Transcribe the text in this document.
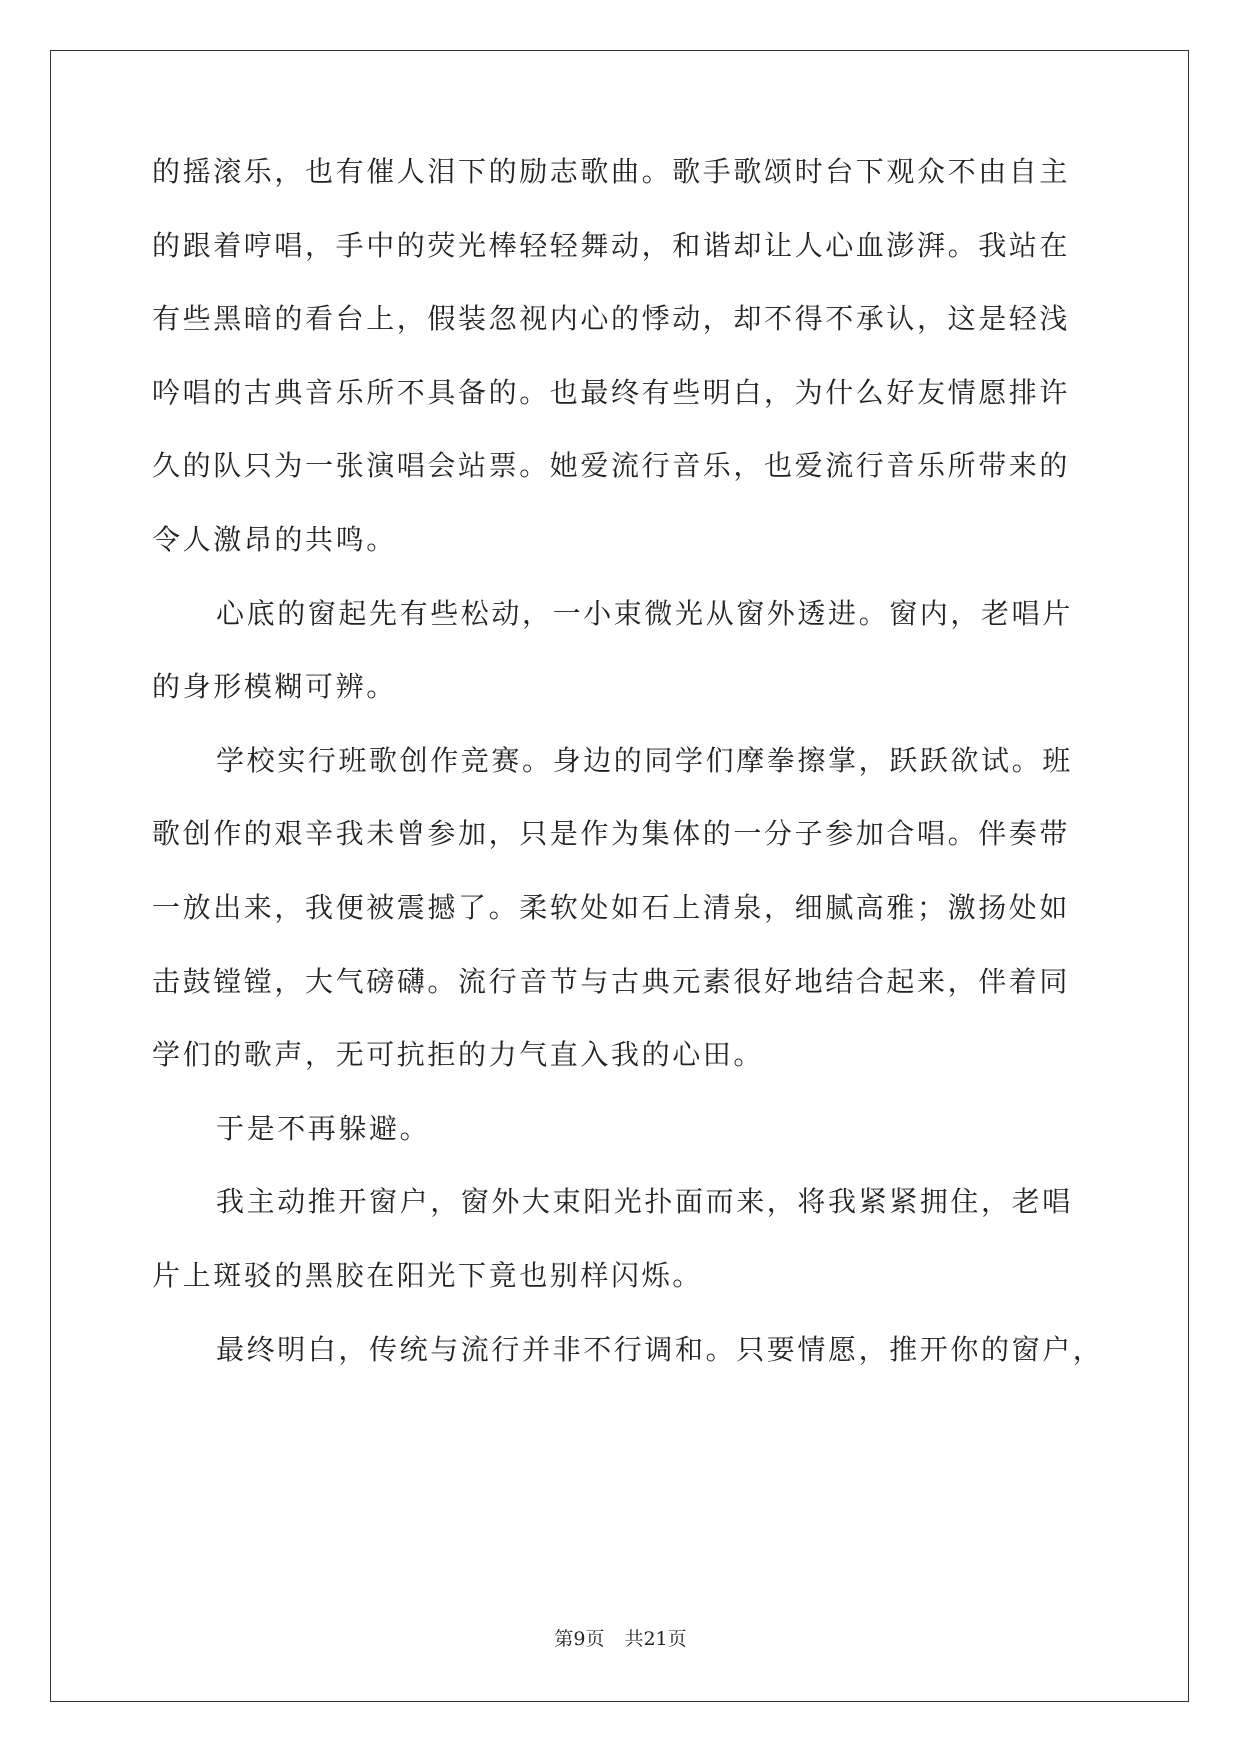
的摇滚乐，也有催人泪下的励志歌曲。歌手歌颂时台下观众不由自主
的跟着哼唱，手中的荧光棒轻轻舞动，和谐却让人心血澎湃。我站在
有些黑暗的看台上，假装忽视内心的悸动，却不得不承认，这是轻浅
吟唱的古典音乐所不具备的。也最终有些明白，为什么好友情愿排许
久的队只为一张演唱会站票。她爱流行音乐，也爱流行音乐所带来的
令人激昂的共鸣。
心底的窗起先有些松动，一小束微光从窗外透进。窗内，老唱片
的身形模糊可辨。
学校实行班歌创作竞赛。身边的同学们摩拳擦掌，跃跃欲试。班
歌创作的艰辛我未曾参加，只是作为集体的一分子参加合唱。伴奏带
一放出来，我便被震撼了。柔软处如石上清泉，细腻高雅；激扬处如
击鼓镗镗，大气磅礴。流行音节与古典元素很好地结合起来，伴着同
学们的歌声，无可抗拒的力气直入我的心田。
于是不再躲避。
我主动推开窗户，窗外大束阳光扑面而来，将我紧紧拥住，老唱
片上斑驳的黑胶在阳光下竟也别样闪烁。
最终明白，传统与流行并非不行调和。只要情愿，推开你的窗户，
第9页 共21页
